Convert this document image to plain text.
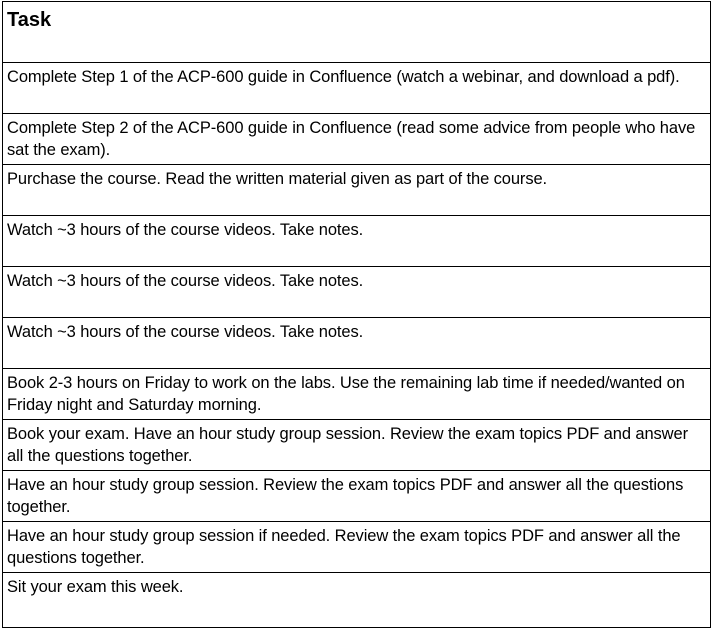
Task

Complete Step 1 of the ACP-600 guide in Confluence (watch a webinar, and download a pdf).

Complete Step 2 of the ACP-600 guide in Confluence (read some advice from people who have sat the exam).

Purchase the course. Read the written material given as part of the course.

Watch ~3 hours of the course videos. Take notes.

Watch ~3 hours of the course videos. Take notes.

Watch ~3 hours of the course videos. Take notes.

Book 2-3 hours on Friday to work on the labs. Use the remaining lab time if needed/wanted on Friday night and Saturday morning.

Book your exam. Have an hour study group session. Review the exam topics PDF and answer all the questions together.

Have an hour study group session. Review the exam topics PDF and answer all the questions together.

Have an hour study group session if needed. Review the exam topics PDF and answer all the questions together.

Sit your exam this week.
